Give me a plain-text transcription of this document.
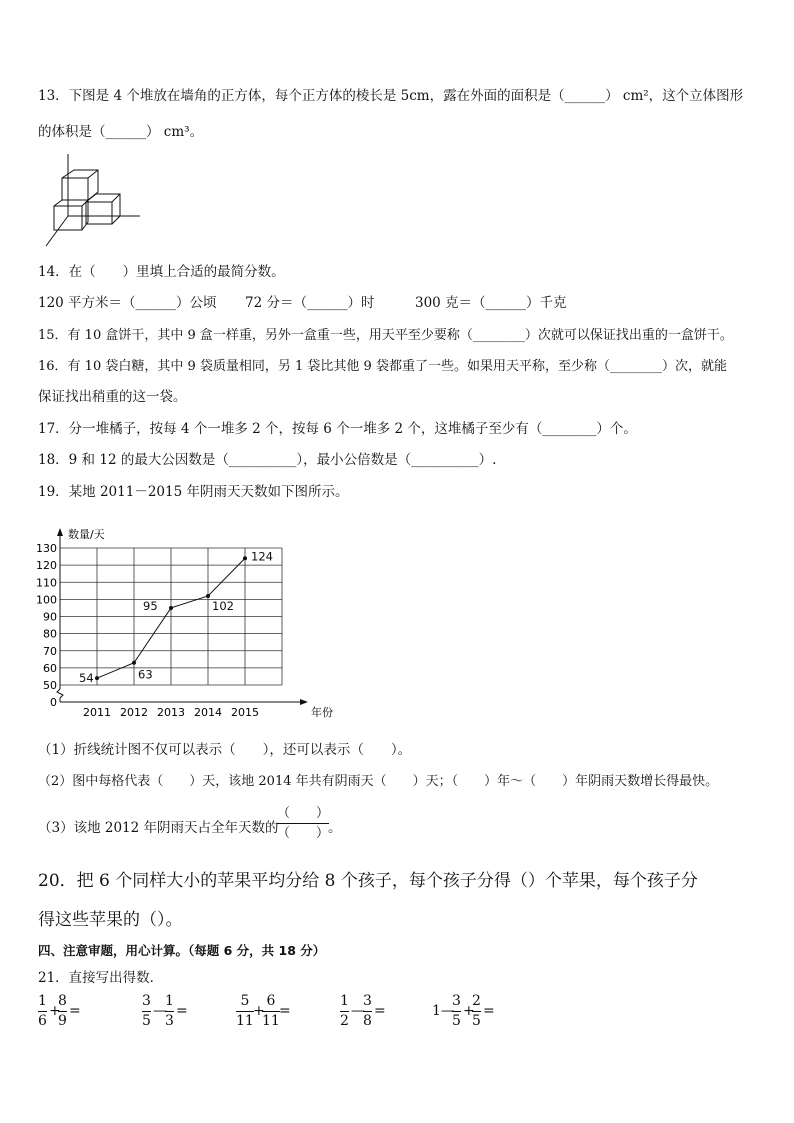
13．下图是 4 个堆放在墙角的正方体，每个正方体的棱长是 5cm，露在外面的面积是（______） cm²，这个立体图形
的体积是（______） cm³。
14．在（　　）里填上合适的最简分数。
120 平方米＝（______）公顷 72 分＝（______）时	300 克＝（______）千克
15．有 10 盒饼干，其中 9 盒一样重，另外一盒重一些，用天平至少要称（________）次就可以保证找出重的一盒饼干。
16．有 10 袋白糖，其中 9 袋质量相同，另 1 袋比其他 9 袋都重了一些。如果用天平称，至少称（________）次，就能
保证找出稍重的这一袋。
17．分一堆橘子，按每 4 个一堆多 2 个，按每 6 个一堆多 2 个，这堆橘子至少有（________）个。
18．9 和 12 的最大公因数是（__________），最小公倍数是（__________）.
19．某地 2011－2015 年阴雨天天数如下图所示。
0
50
60
70
80
90
100
110
120
130
数量/天
2011 2012 2013 2014 2015	年份
54	63
95	102
124
（1）折线统计图不仅可以表示（　　），还可以表示（　　）。
（2）图中每格代表（　　）天，该地 2014 年共有阴雨天（　　）天；（　　）年～（　　）年阴雨天数增长得最快。
（3）该地 2012 年阴雨天占全年天数的
（　　）
（　　）
。
20．把 6 个同样大小的苹果平均分给 8 个孩子，每个孩子分得（）个苹果，每个孩子分
得这些苹果的（）。
四、注意审题，用心计算。（每题 6 分，共 18 分）
21．直接写出得数．
1
6
+
8
9
=
3
5
—
1
3
=
5
11
+
6
11
=
1
2
—
3
8
=	1—
3
5
+
2
5
=
